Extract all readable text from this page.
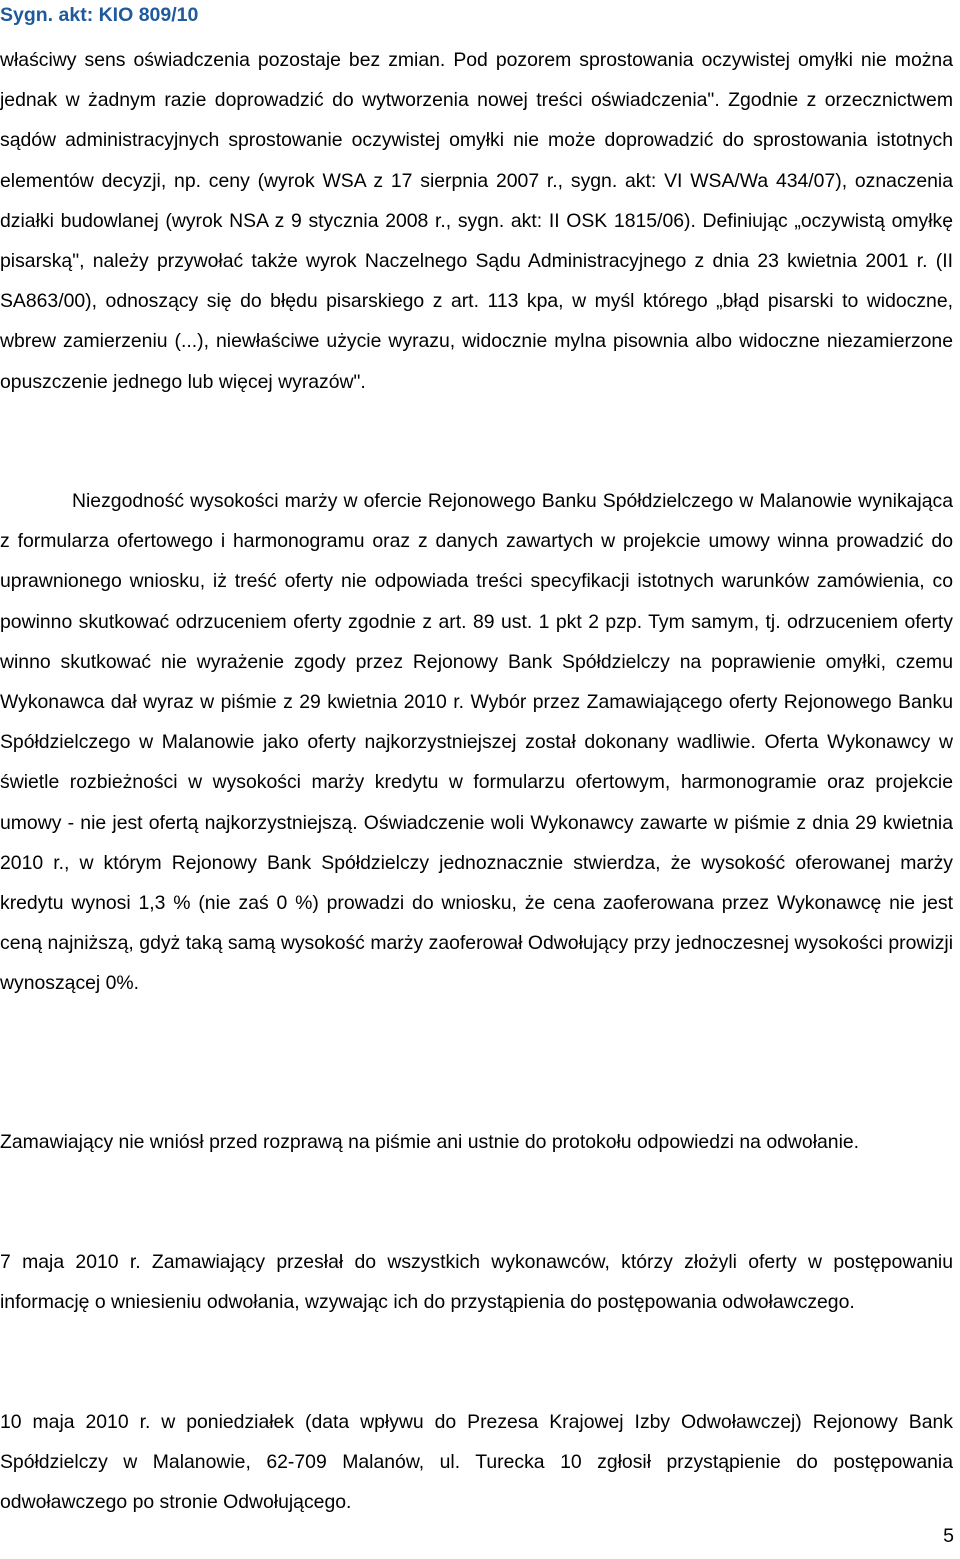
Sygn. akt: KIO 809/10

właściwy sens oświadczenia pozostaje bez zmian. Pod pozorem sprostowania oczywistej omyłki nie można jednak w żadnym razie doprowadzić do wytworzenia nowej treści oświadczenia". Zgodnie z orzecznictwem sądów administracyjnych sprostowanie oczywistej omyłki nie może doprowadzić do sprostowania istotnych elementów decyzji, np. ceny (wyrok WSA z 17 sierpnia 2007 r., sygn. akt: VI WSA/Wa 434/07), oznaczenia działki budowlanej (wyrok NSA z 9 stycznia 2008 r., sygn. akt: II OSK 1815/06). Definiując „oczywistą omyłkę pisarską", należy przywołać także wyrok Naczelnego Sądu Administracyjnego z dnia 23 kwietnia 2001 r. (II SA863/00), odnoszący się do błędu pisarskiego z art. 113 kpa, w myśl którego „błąd pisarski to widoczne, wbrew zamierzeniu (...), niewłaściwe użycie wyrazu, widocznie mylna pisownia albo widoczne niezamierzone opuszczenie jednego lub więcej wyrazów".

Niezgodność wysokości marży w ofercie Rejonowego Banku Spółdzielczego w Malanowie wynikająca z formularza ofertowego i harmonogramu oraz z danych zawartych w projekcie umowy winna prowadzić do uprawnionego wniosku, iż treść oferty nie odpowiada treści specyfikacji istotnych warunków zamówienia, co powinno skutkować odrzuceniem oferty zgodnie z art. 89 ust. 1 pkt 2 pzp. Tym samym, tj. odrzuceniem oferty winno skutkować nie wyrażenie zgody przez Rejonowy Bank Spółdzielczy na poprawienie omyłki, czemu Wykonawca dał wyraz w piśmie z 29 kwietnia 2010 r. Wybór przez Zamawiającego oferty Rejonowego Banku Spółdzielczego w Malanowie jako oferty najkorzystniejszej został dokonany wadliwie. Oferta Wykonawcy w świetle rozbieżności w wysokości marży kredytu w formularzu ofertowym, harmonogramie oraz projekcie umowy - nie jest ofertą najkorzystniejszą. Oświadczenie woli Wykonawcy zawarte w piśmie z dnia 29 kwietnia 2010 r., w którym Rejonowy Bank Spółdzielczy jednoznacznie stwierdza, że wysokość oferowanej marży kredytu wynosi 1,3 % (nie zaś 0 %) prowadzi do wniosku, że cena zaoferowana przez Wykonawcę nie jest ceną najniższą, gdyż taką samą wysokość marży zaoferował Odwołujący przy jednoczesnej wysokości prowizji wynoszącej 0%.

Zamawiający nie wniósł przed rozprawą na piśmie ani ustnie do protokołu odpowiedzi na odwołanie.

7 maja 2010 r. Zamawiający przesłał do wszystkich wykonawców, którzy złożyli oferty w postępowaniu informację o wniesieniu odwołania, wzywając ich do przystąpienia do postępowania odwoławczego.

10 maja 2010 r. w poniedziałek (data wpływu do Prezesa Krajowej Izby Odwoławczej) Rejonowy Bank Spółdzielczy w Malanowie, 62-709 Malanów, ul. Turecka 10 zgłosił przystąpienie do postępowania odwoławczego po stronie Odwołującego.

5
